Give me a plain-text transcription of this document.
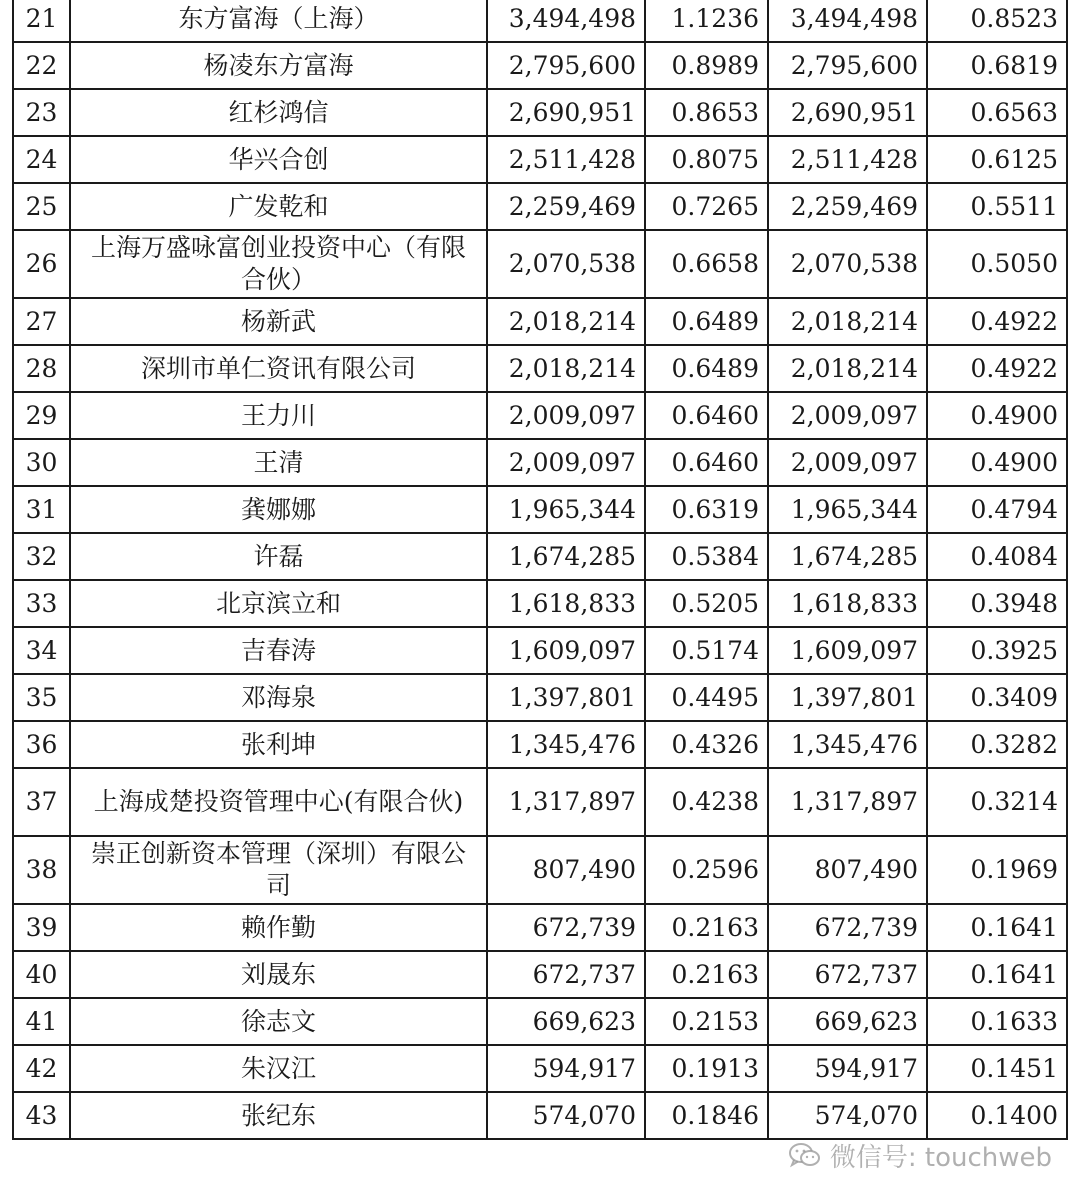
21	东方富海（上海）	3,494,498	1.1236	3,494,498	0.8523
22	杨凌东方富海	2,795,600	0.8989	2,795,600	0.6819
23	红杉鸿信	2,690,951	0.8653	2,690,951	0.6563
24	华兴合创	2,511,428	0.8075	2,511,428	0.6125
25	广发乾和	2,259,469	0.7265	2,259,469	0.5511
26	上海万盛咏富创业投资中心（有限合伙）	2,070,538	0.6658	2,070,538	0.5050
27	杨新武	2,018,214	0.6489	2,018,214	0.4922
28	深圳市单仁资讯有限公司	2,018,214	0.6489	2,018,214	0.4922
29	王力川	2,009,097	0.6460	2,009,097	0.4900
30	王清	2,009,097	0.6460	2,009,097	0.4900
31	龚娜娜	1,965,344	0.6319	1,965,344	0.4794
32	许磊	1,674,285	0.5384	1,674,285	0.4084
33	北京滨立和	1,618,833	0.5205	1,618,833	0.3948
34	吉春涛	1,609,097	0.5174	1,609,097	0.3925
35	邓海泉	1,397,801	0.4495	1,397,801	0.3409
36	张利坤	1,345,476	0.4326	1,345,476	0.3282
37	上海成楚投资管理中心(有限合伙)	1,317,897	0.4238	1,317,897	0.3214
38	崇正创新资本管理（深圳）有限公司	807,490	0.2596	807,490	0.1969
39	赖作勤	672,739	0.2163	672,739	0.1641
40	刘晟东	672,737	0.2163	672,737	0.1641
41	徐志文	669,623	0.2153	669,623	0.1633
42	朱汉江	594,917	0.1913	594,917	0.1451
43	张纪东	574,070	0.1846	574,070	0.1400
微信号: touchweb
